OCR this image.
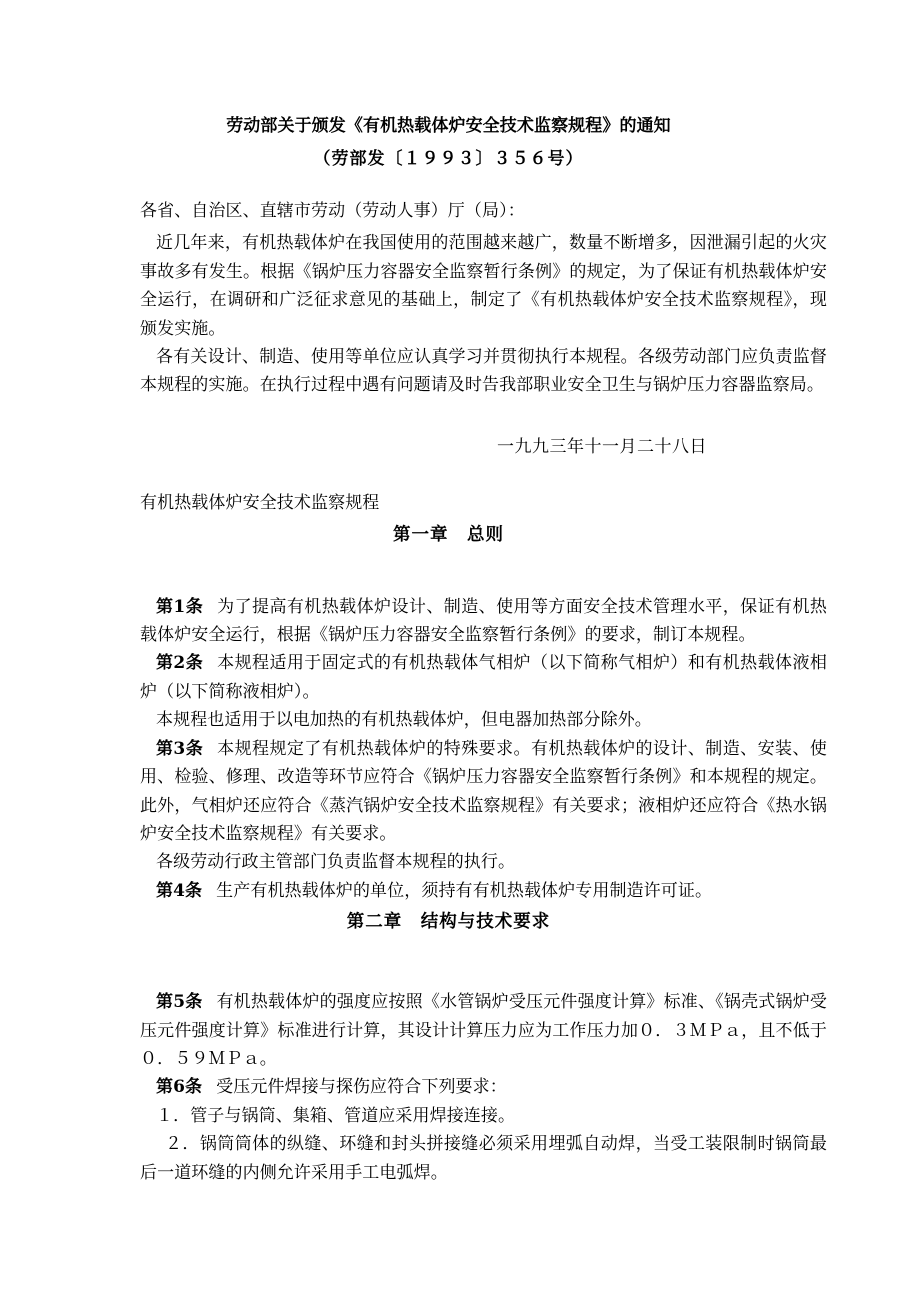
劳动部关于颁发《有机热载体炉安全技术监察规程》的通知
（劳部发〔１９９３〕３５６号）

各省、自治区、直辖市劳动（劳动人事）厅（局）：

近几年来，有机热载体炉在我国使用的范围越来越广，数量不断增多，因泄漏引起的火灾事故多有发生。根据《锅炉压力容器安全监察暂行条例》的规定，为了保证有机热载体炉安全运行，在调研和广泛征求意见的基础上，制定了《有机热载体炉安全技术监察规程》，现颁发实施。

各有关设计、制造、使用等单位应认真学习并贯彻执行本规程。各级劳动部门应负责监督本规程的实施。在执行过程中遇有问题请及时告我部职业安全卫生与锅炉压力容器监察局。

一九九三年十一月二十八日

有机热载体炉安全技术监察规程

第一章　总则

第1条 为了提高有机热载体炉设计、制造、使用等方面安全技术管理水平，保证有机热载体炉安全运行，根据《锅炉压力容器安全监察暂行条例》的要求，制订本规程。

第2条 本规程适用于固定式的有机热载体气相炉（以下简称气相炉）和有机热载体液相炉（以下简称液相炉）。

本规程也适用于以电加热的有机热载体炉，但电器加热部分除外。

第3条 本规程规定了有机热载体炉的特殊要求。有机热载体炉的设计、制造、安装、使用、检验、修理、改造等环节应符合《锅炉压力容器安全监察暂行条例》和本规程的规定。此外，气相炉还应符合《蒸汽锅炉安全技术监察规程》有关要求；液相炉还应符合《热水锅炉安全技术监察规程》有关要求。

各级劳动行政主管部门负责监督本规程的执行。

第4条 生产有机热载体炉的单位，须持有有机热载体炉专用制造许可证。

第二章　结构与技术要求

第5条 有机热载体炉的强度应按照《水管锅炉受压元件强度计算》标准、《锅壳式锅炉受压元件强度计算》标准进行计算，其设计计算压力应为工作压力加０．３ＭＰａ，且不低于０．５９ＭＰａ。

第6条 受压元件焊接与探伤应符合下列要求：

１．管子与锅筒、集箱、管道应采用焊接连接。

２．锅筒筒体的纵缝、环缝和封头拼接缝必须采用埋弧自动焊，当受工装限制时锅筒最后一道环缝的内侧允许采用手工电弧焊。
